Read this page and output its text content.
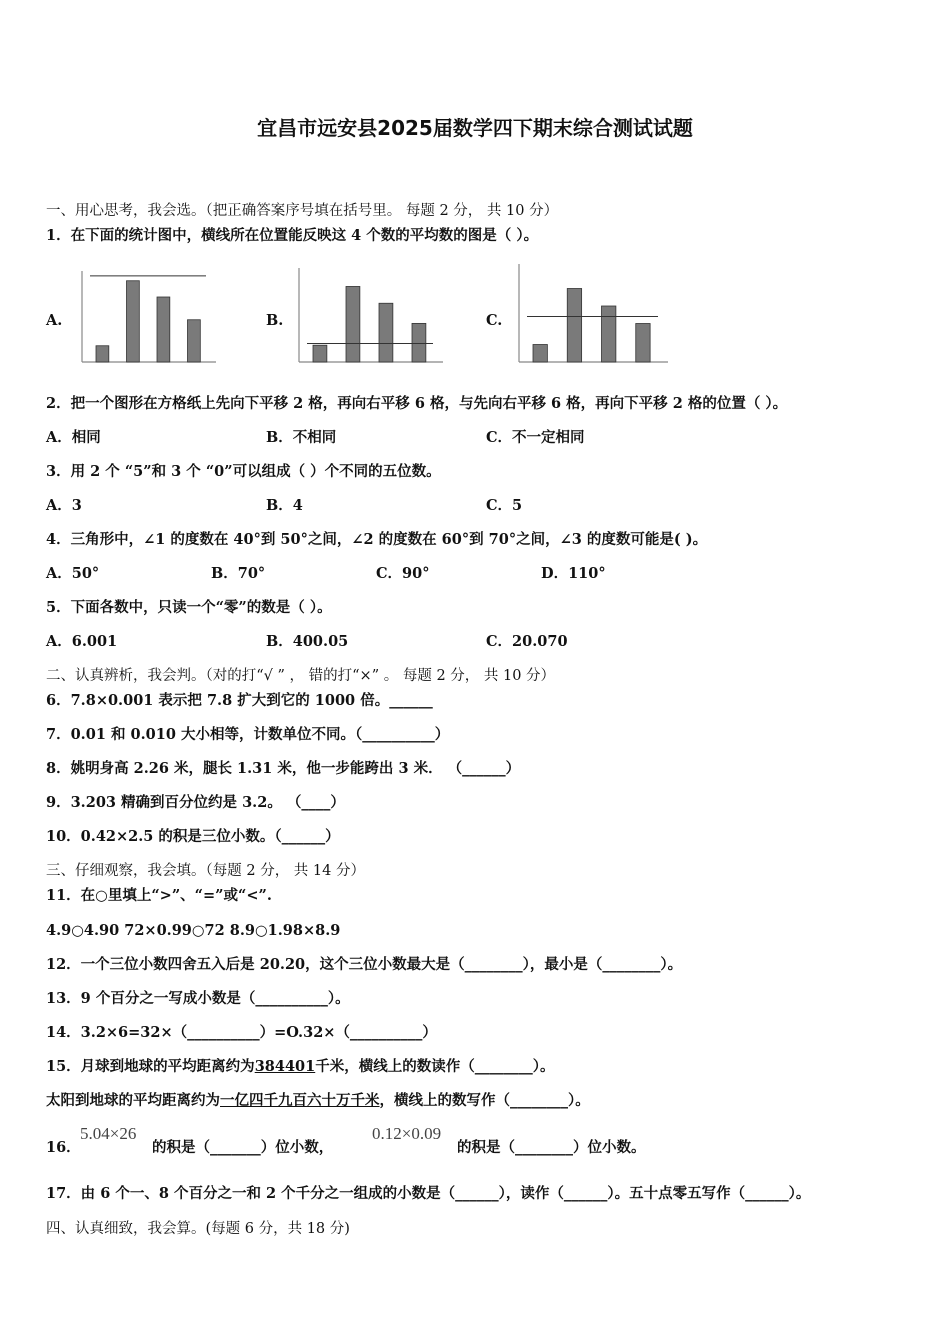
宜昌市远安县2025届数学四下期末综合测试试题
一、用心思考，我会选。（把正确答案序号填在括号里。 每题 2 分， 共 10 分）
1．在下面的统计图中，横线所在位置能反映这 4 个数的平均数的图是（ ）。
A.	B.	C.
2．把一个图形在方格纸上先向下平移 2 格，再向右平移 6 格，与先向右平移 6 格，再向下平移 2 格的位置（ ）。
A．相同	B．不相同	C．不一定相同
3．用 2 个 “5”和 3 个 “0”可以组成（ ）个不同的五位数。
A．3	B．4	C．5
4．三角形中，∠1 的度数在 40°到 50°之间，∠2 的度数在 60°到 70°之间，∠3 的度数可能是( )。
A．50°	B．70°	C．90°	D．110°
5．下面各数中，只读一个“零”的数是（ ）。
A．6.001	B．400.05	C．20.070
二、认真辨析，我会判。（对的打“√ ” ， 错的打“×” 。 每题 2 分， 共 10 分）
6．7.8×0.001 表示把 7.8 扩大到它的 1000 倍。______
7．0.01 和 0.010 大小相等，计数单位不同。（__________）
8．姚明身高 2.26 米，腿长 1.31 米，他一步能跨出 3 米． （______）
9．3.203 精确到百分位约是 3.2。 （____）
10．0.42×2.5 的积是三位小数。（______）
三、仔细观察，我会填。（每题 2 分， 共 14 分）
11．在○里填上“>”、“=”或“<”.
4.9○4.90 72×0.99○72 8.9○1.98×8.9
12．一个三位小数四舍五入后是 20.20，这个三位小数最大是（________），最小是（________）。
13．9 个百分之一写成小数是（__________）。
14．3.2×6=32×（__________）=O.32×（__________）
15．月球到地球的平均距离约为384401千米，横线上的数读作（________）。
太阳到地球的平均距离约为一亿四千九百六十万千米，横线上的数写作（________）。
16．
5.04×26
的积是（_______）位小数，
0.12×0.09
的积是（________）位小数。
17．由 6 个一、8 个百分之一和 2 个千分之一组成的小数是（______），读作（______）。五十点零五写作（______）。
四、认真细致，我会算。(每题 6 分，共 18 分)
